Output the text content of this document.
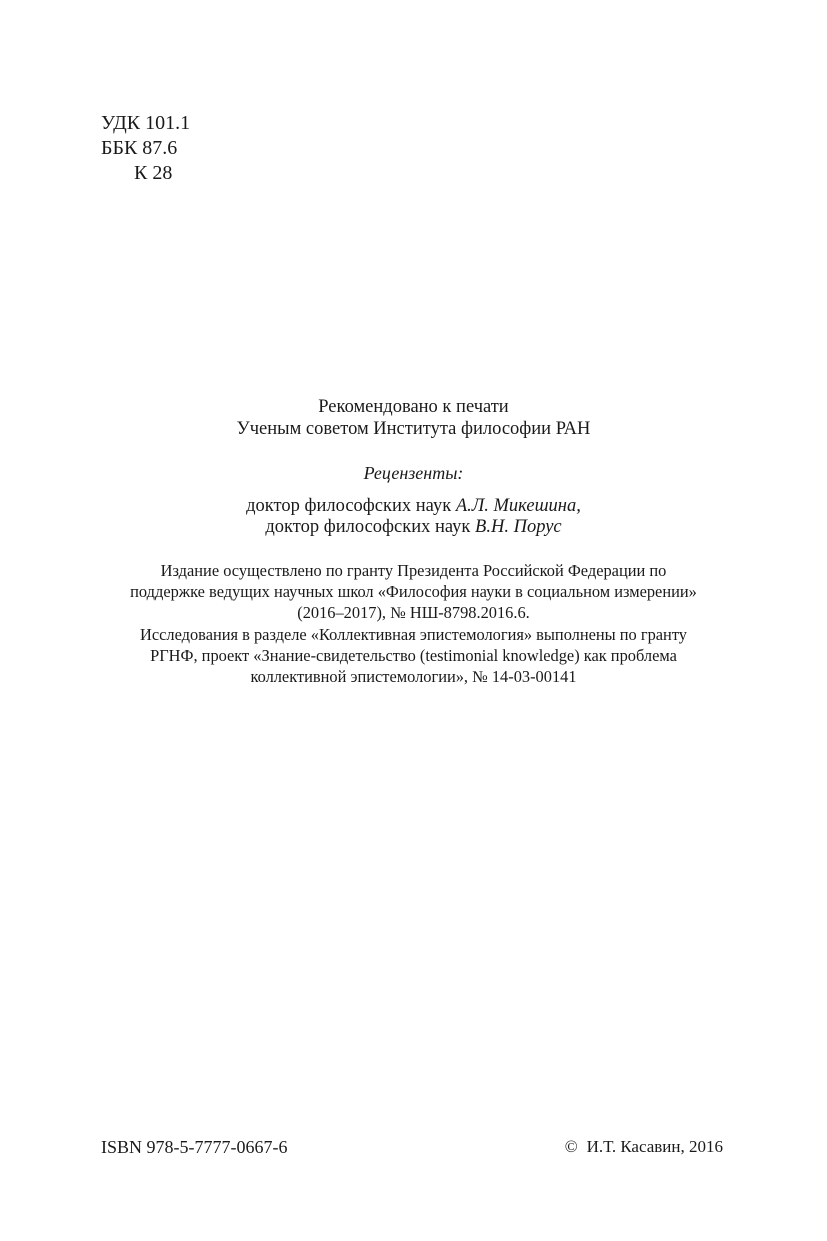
УДК 101.1
ББК 87.6
К 28
Рекомендовано к печати
Ученым советом Института философии РАН
Рецензенты:
доктор философских наук А.Л. Микешина,
доктор философских наук В.Н. Порус
Издание осуществлено по гранту Президента Российской Федерации по
поддержке ведущих научных школ «Философия науки в социальном измерении»
(2016–2017), № НШ-8798.2016.6.
Исследования в разделе «Коллективная эпистемология» выполнены по гранту
РГНФ, проект «Знание-свидетельство (testimonial knowledge) как проблема
коллективной эпистемологии», № 14-03-00141
ISBN 978-5-7777-0667-6	© И.Т. Касавин, 2016
